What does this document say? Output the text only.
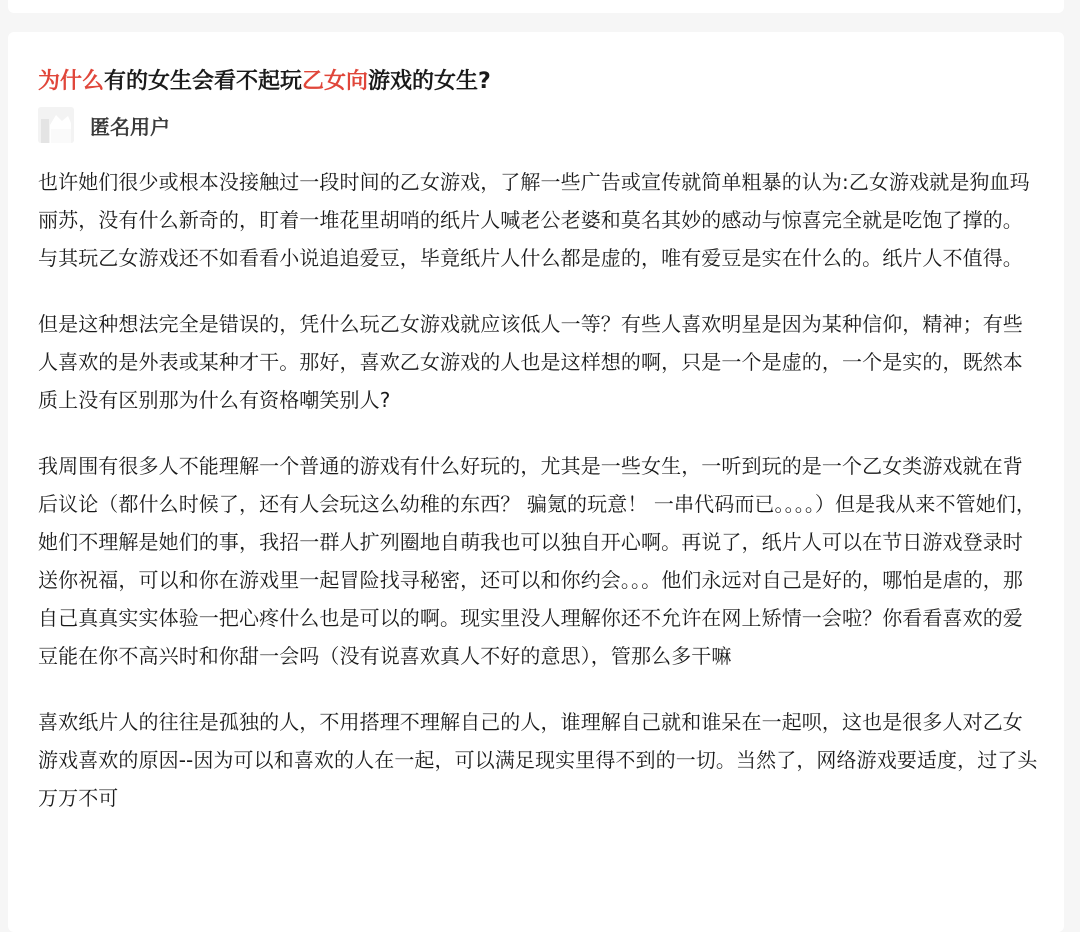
为什么有的女生会看不起玩乙女向游戏的女生?
匿名用户

也许她们很少或根本没接触过一段时间的乙女游戏，了解一些广告或宣传就简单粗暴的认为:乙女游戏就是狗血玛丽苏，没有什么新奇的，盯着一堆花里胡哨的纸片人喊老公老婆和莫名其妙的感动与惊喜完全就是吃饱了撑的。与其玩乙女游戏还不如看看小说追追爱豆，毕竟纸片人什么都是虚的，唯有爱豆是实在什么的。纸片人不值得。

但是这种想法完全是错误的，凭什么玩乙女游戏就应该低人一等？有些人喜欢明星是因为某种信仰，精神；有些人喜欢的是外表或某种才干。那好，喜欢乙女游戏的人也是这样想的啊，只是一个是虚的，一个是实的，既然本质上没有区别那为什么有资格嘲笑别人?

我周围有很多人不能理解一个普通的游戏有什么好玩的，尤其是一些女生，一听到玩的是一个乙女类游戏就在背后议论（都什么时候了，还有人会玩这么幼稚的东西？ 骗氪的玩意！ 一串代码而已。。。。）但是我从来不管她们，她们不理解是她们的事，我招一群人扩列圈地自萌我也可以独自开心啊。再说了，纸片人可以在节日游戏登录时送你祝福，可以和你在游戏里一起冒险找寻秘密，还可以和你约会。。。他们永远对自己是好的，哪怕是虐的，那自己真真实实体验一把心疼什么也是可以的啊。现实里没人理解你还不允许在网上矫情一会啦？你看看喜欢的爱豆能在你不高兴时和你甜一会吗（没有说喜欢真人不好的意思），管那么多干嘛

喜欢纸片人的往往是孤独的人，不用搭理不理解自己的人，谁理解自己就和谁呆在一起呗，这也是很多人对乙女游戏喜欢的原因--因为可以和喜欢的人在一起，可以满足现实里得不到的一切。当然了，网络游戏要适度，过了头万万不可
